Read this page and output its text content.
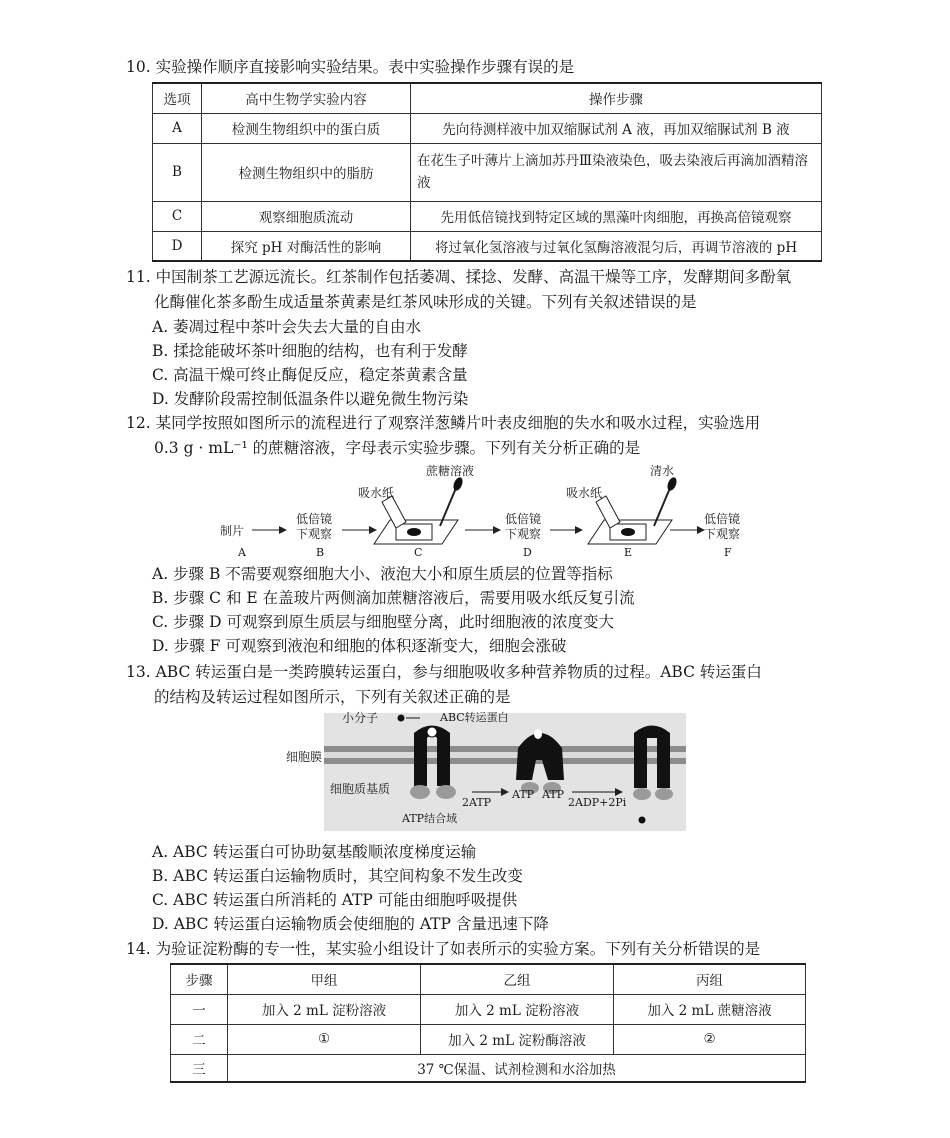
10. 实验操作顺序直接影响实验结果。表中实验操作步骤有误的是
选项	高中生物学实验内容	操作步骤
A	检测生物组织中的蛋白质	先向待测样液中加双缩脲试剂 A 液，再加双缩脲试剂 B 液
B	检测生物组织中的脂肪	在花生子叶薄片上滴加苏丹Ⅲ染液染色，吸去染液后再滴加酒精溶液
C	观察细胞质流动	先用低倍镜找到特定区域的黑藻叶肉细胞，再换高倍镜观察
D	探究 pH 对酶活性的影响	将过氧化氢溶液与过氧化氢酶溶液混匀后，再调节溶液的 pH
11. 中国制茶工艺源远流长。红茶制作包括萎凋、揉捻、发酵、高温干燥等工序，发酵期间多酚氧
化酶催化茶多酚生成适量茶黄素是红茶风味形成的关键。下列有关叙述错误的是
A. 萎凋过程中茶叶会失去大量的自由水
B. 揉捻能破坏茶叶细胞的结构，也有利于发酵
C. 高温干燥可终止酶促反应，稳定茶黄素含量
D. 发酵阶段需控制低温条件以避免微生物污染
12. 某同学按照如图所示的流程进行了观察洋葱鳞片叶表皮细胞的失水和吸水过程，实验选用
0.3 g · mL⁻¹ 的蔗糖溶液，字母表示实验步骤。下列有关分析正确的是
制片
低倍镜
下观察
低倍镜
下观察
低倍镜
下观察
吸水纸	吸水纸
蔗糖溶液	清水
A	B	C	D	E	F
A. 步骤 B 不需要观察细胞大小、液泡大小和原生质层的位置等指标
B. 步骤 C 和 E 在盖玻片两侧滴加蔗糖溶液后，需要用吸水纸反复引流
C. 步骤 D 可观察到原生质层与细胞壁分离，此时细胞液的浓度变大
D. 步骤 F 可观察到液泡和细胞的体积逐渐变大，细胞会涨破
13. ABC 转运蛋白是一类跨膜转运蛋白，参与细胞吸收多种营养物质的过程。ABC 转运蛋白
的结构及转运过程如图所示，下列有关叙述正确的是
小分子	ABC转运蛋白
细胞膜
细胞质基质
ATP结合域
2ATP
ATP ATP
2ADP+2Pi
A. ABC 转运蛋白可协助氨基酸顺浓度梯度运输
B. ABC 转运蛋白运输物质时，其空间构象不发生改变
C. ABC 转运蛋白所消耗的 ATP 可能由细胞呼吸提供
D. ABC 转运蛋白运输物质会使细胞的 ATP 含量迅速下降
14. 为验证淀粉酶的专一性，某实验小组设计了如表所示的实验方案。下列有关分析错误的是
步骤	甲组	乙组	丙组
一	加入 2 mL 淀粉溶液	加入 2 mL 淀粉溶液	加入 2 mL 蔗糖溶液
二	①	加入 2 mL 淀粉酶溶液	②
三	37 ℃保温、试剂检测和水浴加热		
